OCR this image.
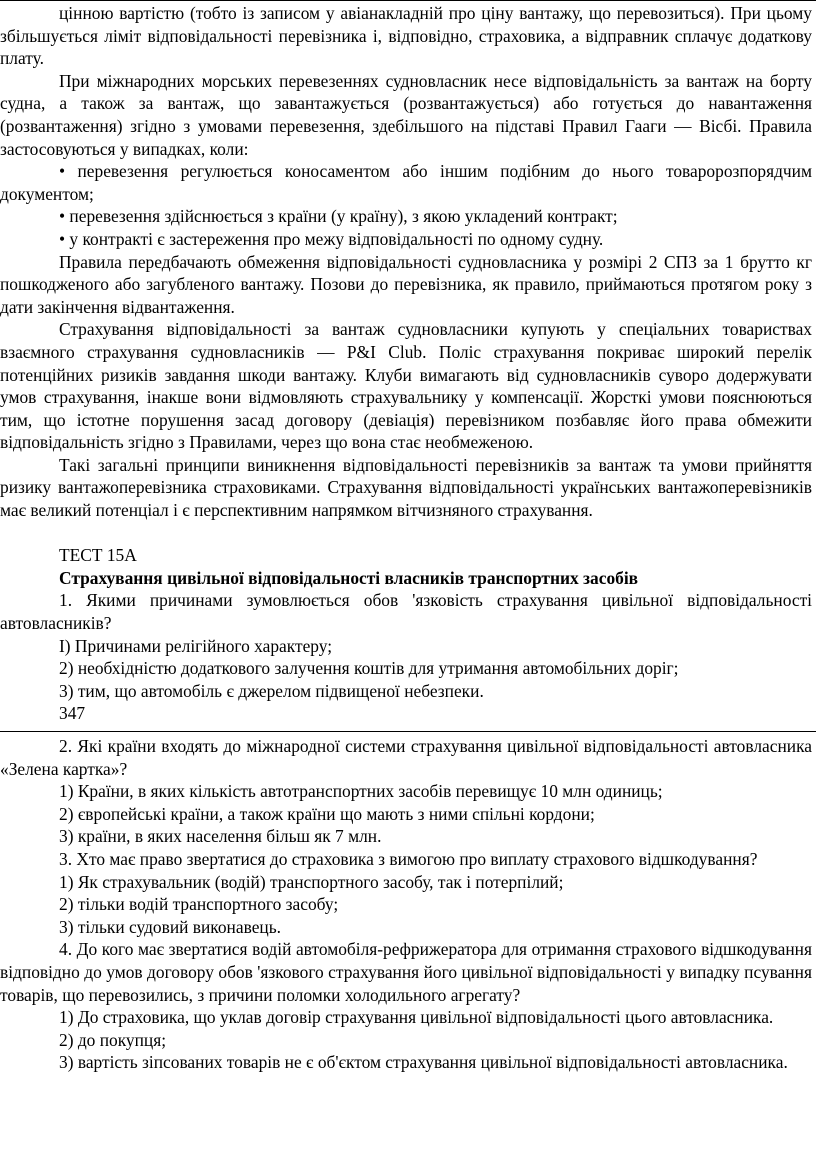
цінною вартістю (тобто із записом у авіанакладній про ціну вантажу, що перевозиться). При цьому збільшується ліміт відповідальності перевізника і, відповідно, страховика, а відправник сплачує додаткову плату.

При міжнародних морських перевезеннях судновласник несе відповідальність за вантаж на борту судна, а також за вантаж, що завантажується (розвантажується) або готується до навантаження (розвантаження) згідно з умовами перевезення, здебільшого на підставі Правил Гааги — Вісбі. Правила застосовуються у випадках, коли:

• перевезення регулюється коносаментом або іншим подібним до нього товаророзпорядчим документом;

• перевезення здійснюється з країни (у країну), з якою укладений контракт;

• у контракті є застереження про межу відповідальності по одному судну.

Правила передбачають обмеження відповідальності судновласника у розмірі 2 СПЗ за 1 брутто кг пошкодженого або загубленого вантажу. Позови до перевізника, як правило, приймаються протягом року з дати закінчення відвантаження.

Страхування відповідальності за вантаж судновласники купують у спеціальних товариствах взаємного страхування судновласників — P&I Club. Поліс страхування покриває широкий перелік потенційних ризиків завдання шкоди вантажу. Клуби вимагають від судновласників суворо додержувати умов страхування, інакше вони відмовляють страхувальнику у компенсації. Жорсткі умови пояснюються тим, що істотне порушення засад договору (девіація) перевізником позбавляє його права обмежити відповідальність згідно з Правилами, через що вона стає необмеженою.

Такі загальні принципи виникнення відповідальності перевізників за вантаж та умови прийняття ризику вантажоперевізника страховиками. Страхування відповідальності українських вантажоперевізників має великий потенціал і є перспективним напрямком вітчизняного страхування.

ТЕСТ 15А

Страхування цивільної відповідальності власників транспортних засобів

1. Якими причинами зумовлюється обов 'язковість страхування цивільної відповідальності автовласників?

І) Причинами релігійного характеру;

2) необхідністю додаткового залучення коштів для утримання автомобільних доріг;

3) тим, що автомобіль є джерелом підвищеної небезпеки.

347

2. Які країни входять до міжнародної системи страхування цивільної відповідальності автовласника «Зелена картка»?

1) Країни, в яких кількість автотранспортних засобів перевищує 10 млн одиниць;

2) європейські країни, а також країни що мають з ними спільні кордони;

3) країни, в яких населення більш як 7 млн.

3. Хто має право звертатися до страховика з вимогою про виплату страхового відшкодування?

1) Як страхувальник (водій) транспортного засобу, так і потерпілий;

2) тільки водій транспортного засобу;

3) тільки судовий виконавець.

4. До кого має звертатися водій автомобіля-рефрижератора для отримання страхового відшкодування відповідно до умов договору обов 'язкового страхування його цивільної відповідальності у випадку псування товарів, що перевозились, з причини поломки холодильного агрегату?

1) До страховика, що уклав договір страхування цивільної відповідальності цього автовласника.

2) до покупця;

3) вартість зіпсованих товарів не є об'єктом страхування цивільної відповідальності автовласника.
